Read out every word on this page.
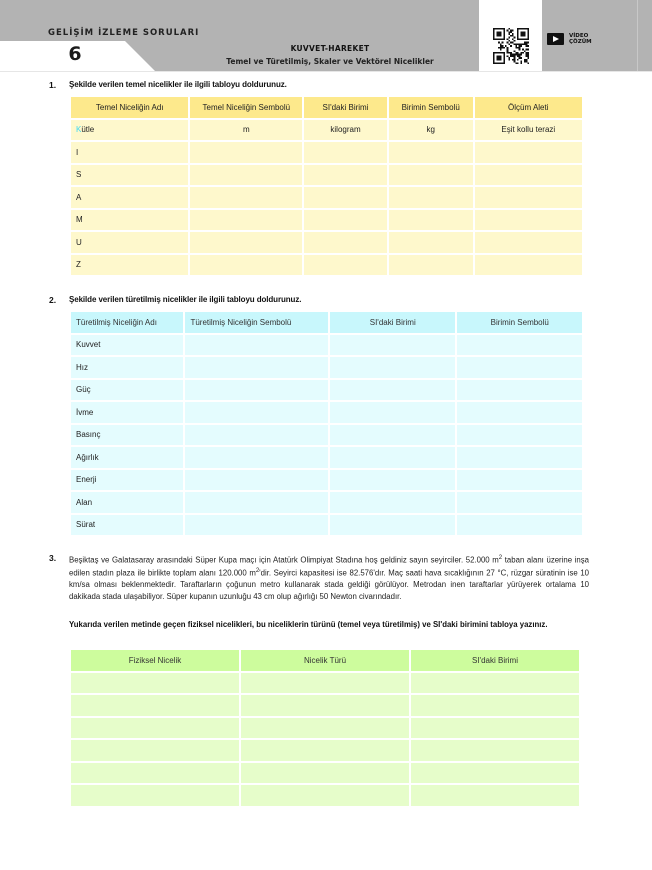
GELİŞİM İZLEME SORULARI
6	KUVVET-HAREKET
Temel ve Türetilmiş, Skaler ve Vektörel Nicelikler
VİDEO
ÇÖZÜM
1. Şekilde verilen temel nicelikler ile ilgili tabloyu doldurunuz.
Temel Niceliğin Adı	Temel Niceliğin Sembolü	SI'daki Birimi	Birimin Sembolü	Ölçüm Aleti
Kütle	m	kilogram	kg	Eşit kollu terazi
I				
S				
A				
M				
U				
Z				
2. Şekilde verilen türetilmiş nicelikler ile ilgili tabloyu doldurunuz.
Türetilmiş Niceliğin Adı	Türetilmiş Niceliğin Sembolü	SI'daki Birimi	Birimin Sembolü
Kuvvet			
Hız			
Güç			
İvme			
Basınç			
Ağırlık			
Enerji			
Alan			
Sürat			
3. Beşiktaş ve Galatasaray arasındaki Süper Kupa maçı için Atatürk Olimpiyat Stadına hoş geldiniz sayın seyirciler. 52.000 $m^2$ taban alanı üzerine inşa edilen stadın plaza ile birlikte toplam alanı 120.000 $m^2'dir$. Seyirci kapasitesi ise 82.576'dır. Maç saati hava sıcaklığının 27 °C, rüzgar süratinin ise 10 km/sa olması beklenmektedir. Taraftarların çoğunun metro kullanarak stada geldiği görülüyor. Metrodan inen taraftarlar yürüyerek ortalama 10 dakikada stada ulaşabiliyor. Süper kupanın uzunluğu 43 cm olup ağırlığı 50 Newton civarındadır.
Yukarıda verilen metinde geçen fiziksel nicelikleri, bu niceliklerin türünü (temel veya türetilmiş) ve SI'daki birimini tabloya yazınız.
Fiziksel Nicelik	Nicelik Türü	SI'daki Birimi
